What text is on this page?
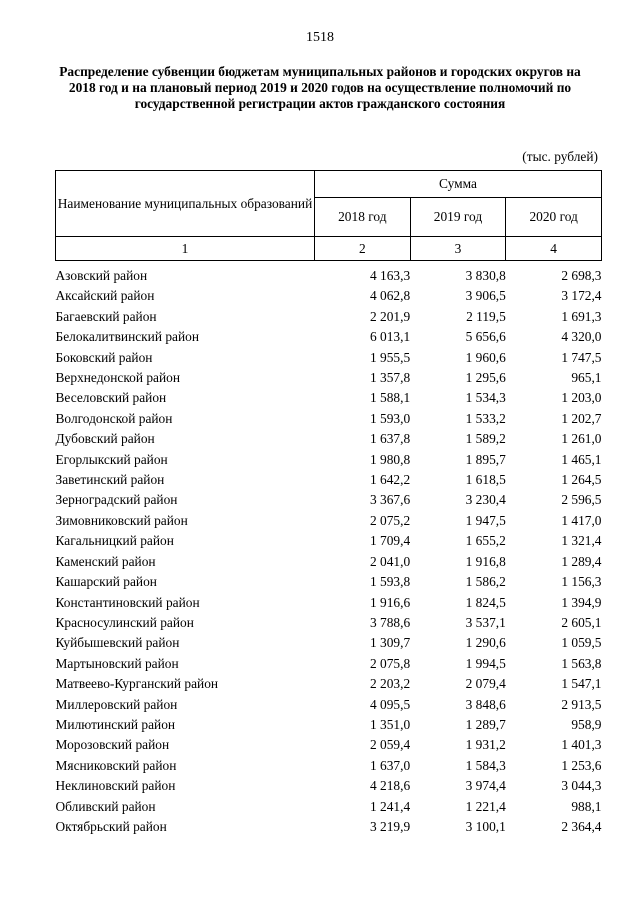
1518
Распределение субвенции бюджетам муниципальных районов и городских округов на 2018 год и на плановый период 2019 и 2020 годов на осуществление полномочий по государственной регистрации актов гражданского состояния
(тыс. рублей)
Наименование муниципальных образований	Сумма		
	2018 год	2019 год	2020 год
1	2	3	4
Азовский район	4 163,3	3 830,8	2 698,3
Аксайский район	4 062,8	3 906,5	3 172,4
Багаевский район	2 201,9	2 119,5	1 691,3
Белокалитвинский район	6 013,1	5 656,6	4 320,0
Боковский район	1 955,5	1 960,6	1 747,5
Верхнедонской район	1 357,8	1 295,6	965,1
Веселовский район	1 588,1	1 534,3	1 203,0
Волгодонской район	1 593,0	1 533,2	1 202,7
Дубовский район	1 637,8	1 589,2	1 261,0
Егорлыкский район	1 980,8	1 895,7	1 465,1
Заветинский район	1 642,2	1 618,5	1 264,5
Зерноградский район	3 367,6	3 230,4	2 596,5
Зимовниковский район	2 075,2	1 947,5	1 417,0
Кагальницкий район	1 709,4	1 655,2	1 321,4
Каменский район	2 041,0	1 916,8	1 289,4
Кашарский район	1 593,8	1 586,2	1 156,3
Константиновский район	1 916,6	1 824,5	1 394,9
Красносулинский район	3 788,6	3 537,1	2 605,1
Куйбышевский район	1 309,7	1 290,6	1 059,5
Мартыновский район	2 075,8	1 994,5	1 563,8
Матвеево-Курганский район	2 203,2	2 079,4	1 547,1
Миллеровский район	4 095,5	3 848,6	2 913,5
Милютинский район	1 351,0	1 289,7	958,9
Морозовский район	2 059,4	1 931,2	1 401,3
Мясниковский район	1 637,0	1 584,3	1 253,6
Неклиновский район	4 218,6	3 974,4	3 044,3
Обливский район	1 241,4	1 221,4	988,1
Октябрьский район	3 219,9	3 100,1	2 364,4
